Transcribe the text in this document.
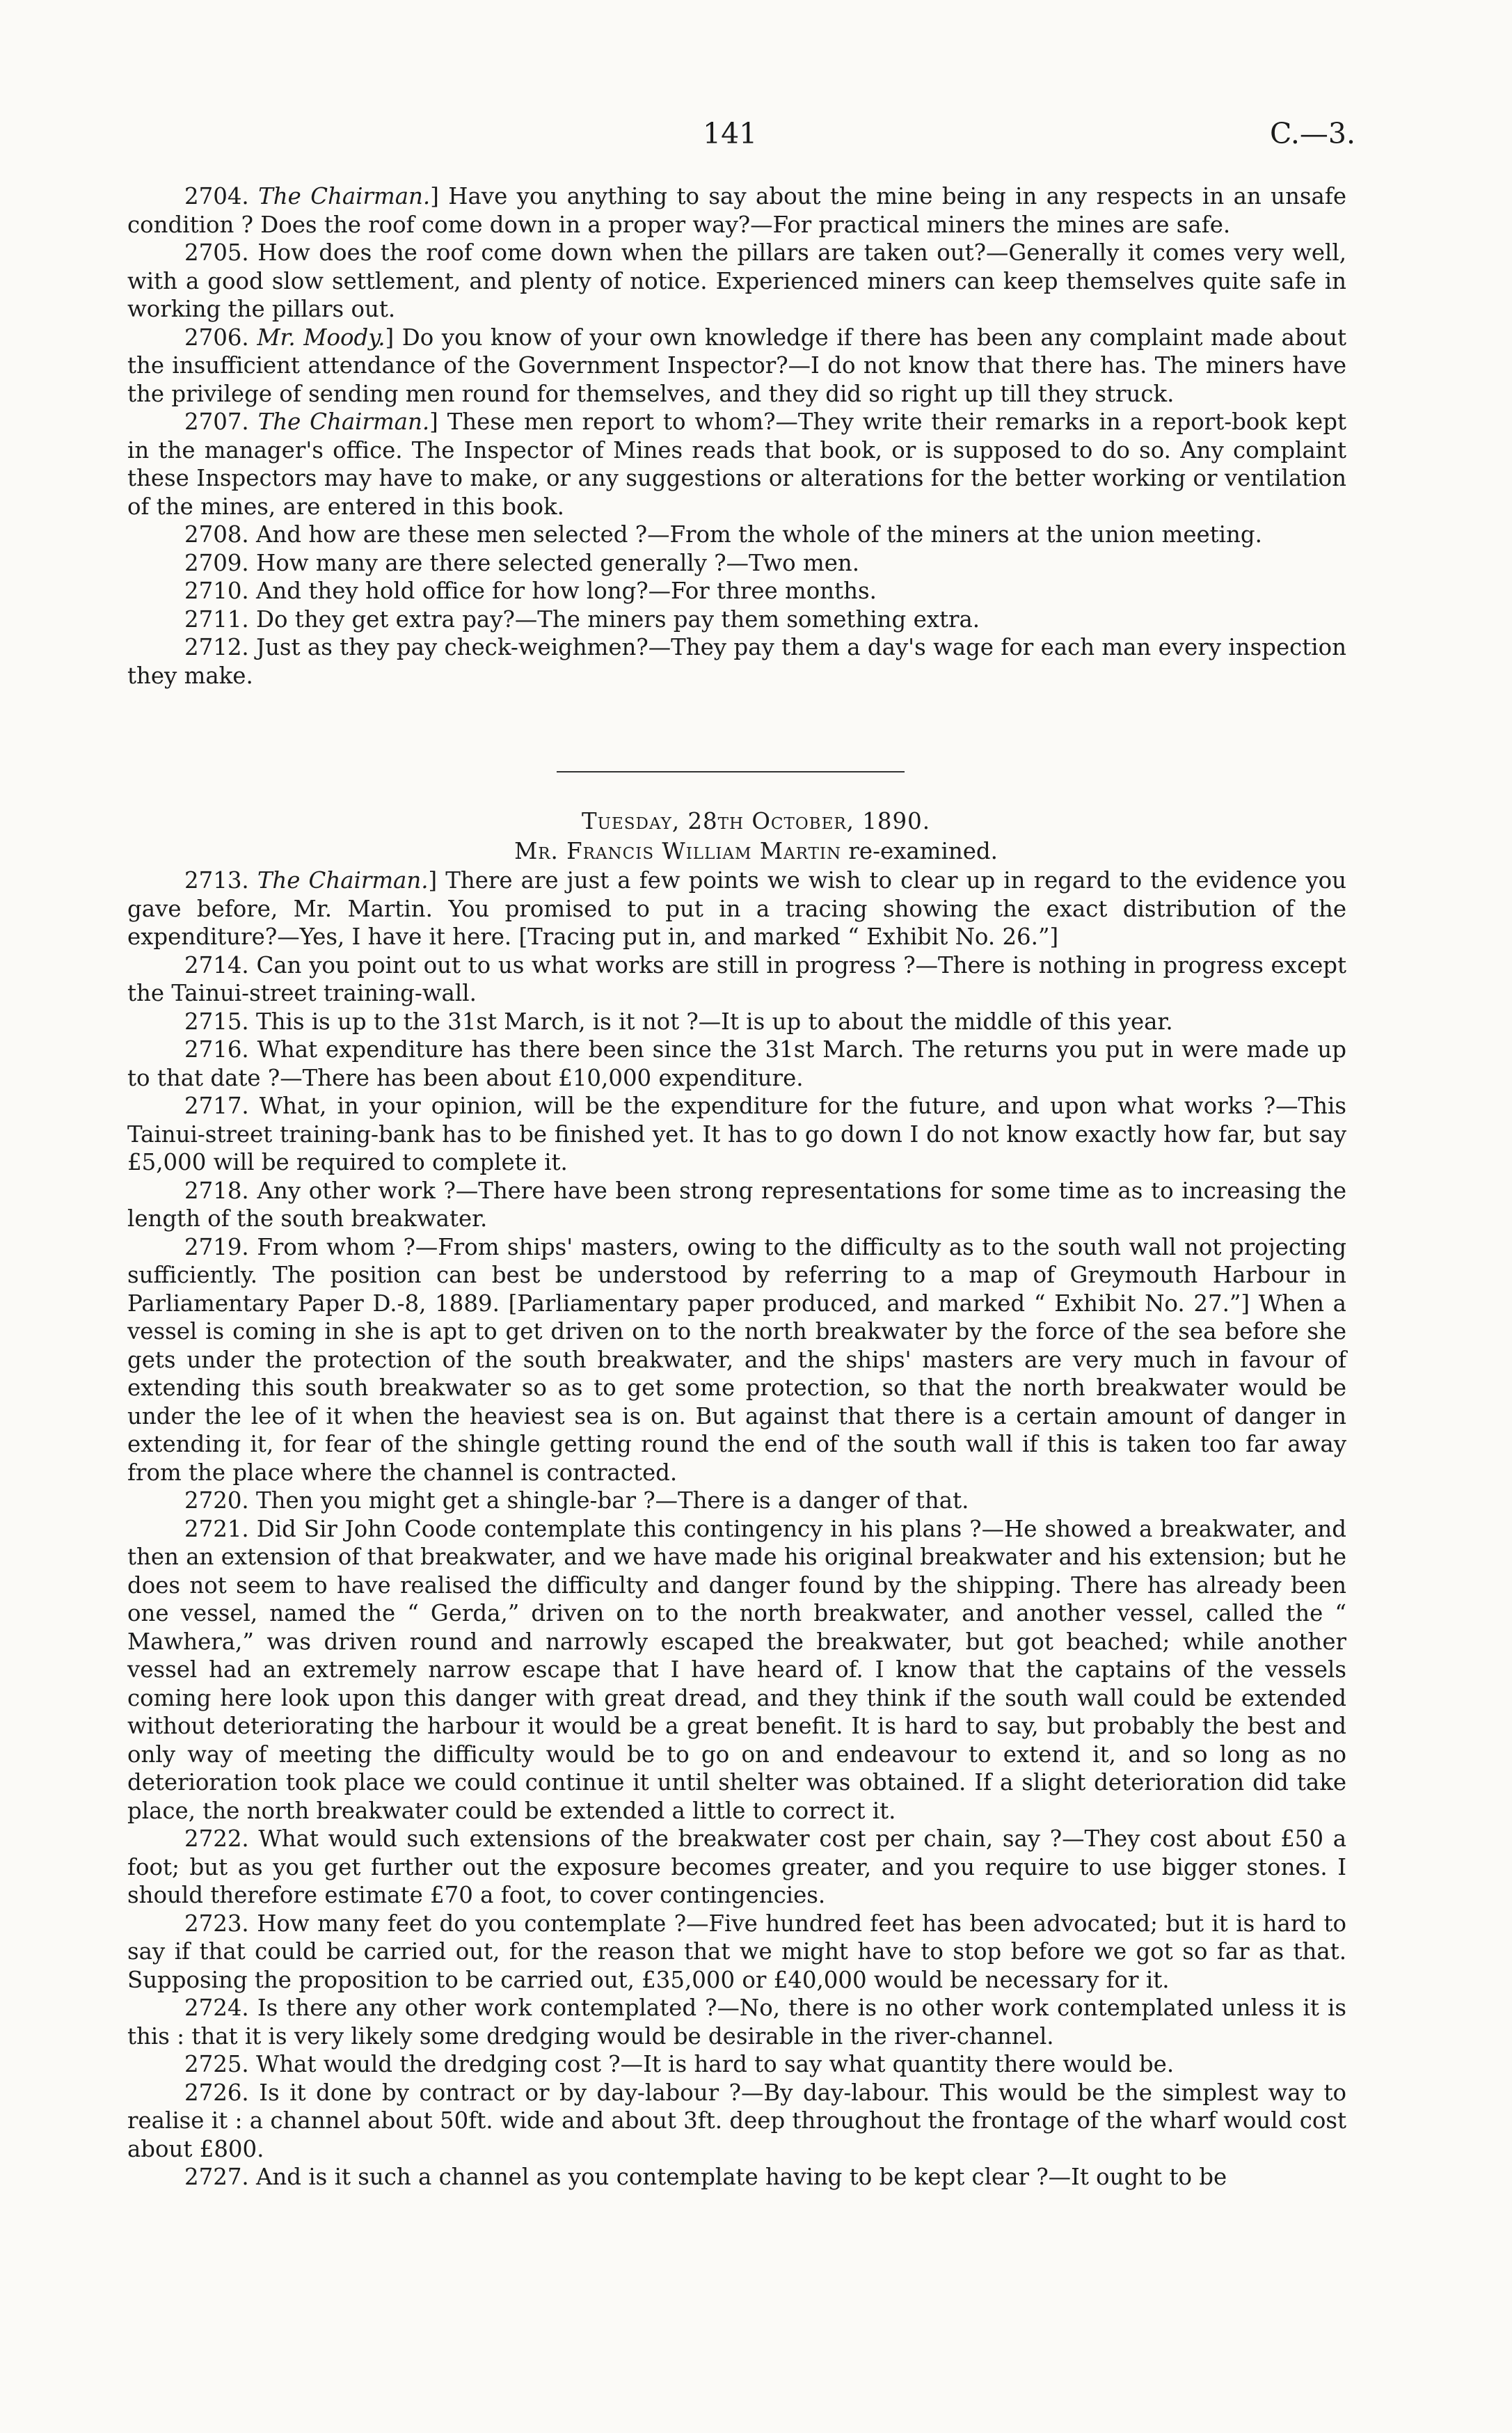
141	C.—3.

2704. The Chairman.] Have you anything to say about the mine being in any respects in an unsafe condition ? Does the roof come down in a proper way?—For practical miners the mines are safe.

2705. How does the roof come down when the pillars are taken out?—Generally it comes very well, with a good slow settlement, and plenty of notice. Experienced miners can keep themselves quite safe in working the pillars out.

2706. Mr. Moody.] Do you know of your own knowledge if there has been any complaint made about the insufficient attendance of the Government Inspector?—I do not know that there has. The miners have the privilege of sending men round for themselves, and they did so right up till they struck.

2707. The Chairman.] These men report to whom?—They write their remarks in a report-book kept in the manager's office. The Inspector of Mines reads that book, or is supposed to do so. Any complaint these Inspectors may have to make, or any suggestions or alterations for the better working or ventilation of the mines, are entered in this book.

2708. And how are these men selected ?—From the whole of the miners at the union meeting.

2709. How many are there selected generally ?—Two men.

2710. And they hold office for how long?—For three months.

2711. Do they get extra pay?—The miners pay them something extra.

2712. Just as they pay check-weighmen?—They pay them a day's wage for each man every inspection they make.

Tuesday, 28th October, 1890.
Mr. Francis William Martin re-examined.

2713. The Chairman.] There are just a few points we wish to clear up in regard to the evidence you gave before, Mr. Martin. You promised to put in a tracing showing the exact distribution of the expenditure?—Yes, I have it here. [Tracing put in, and marked “ Exhibit No. 26.”]

2714. Can you point out to us what works are still in progress ?—There is nothing in progress except the Tainui-street training-wall.

2715. This is up to the 31st March, is it not ?—It is up to about the middle of this year.

2716. What expenditure has there been since the 31st March. The returns you put in were made up to that date ?—There has been about £10,000 expenditure.

2717. What, in your opinion, will be the expenditure for the future, and upon what works ?—This Tainui-street training-bank has to be finished yet. It has to go down I do not know exactly how far, but say £5,000 will be required to complete it.

2718. Any other work ?—There have been strong representations for some time as to increasing the length of the south breakwater.

2719. From whom ?—From ships' masters, owing to the difficulty as to the south wall not projecting sufficiently. The position can best be understood by referring to a map of Greymouth Harbour in Parliamentary Paper D.-8, 1889. [Parliamentary paper produced, and marked “ Exhibit No. 27.”] When a vessel is coming in she is apt to get driven on to the north breakwater by the force of the sea before she gets under the protection of the south breakwater, and the ships' masters are very much in favour of extending this south breakwater so as to get some protection, so that the north breakwater would be under the lee of it when the heaviest sea is on. But against that there is a certain amount of danger in extending it, for fear of the shingle getting round the end of the south wall if this is taken too far away from the place where the channel is contracted.

2720. Then you might get a shingle-bar ?—There is a danger of that.

2721. Did Sir John Coode contemplate this contingency in his plans ?—He showed a breakwater, and then an extension of that breakwater, and we have made his original breakwater and his extension; but he does not seem to have realised the difficulty and danger found by the shipping. There has already been one vessel, named the “ Gerda,” driven on to the north breakwater, and another vessel, called the “ Mawhera,” was driven round and narrowly escaped the breakwater, but got beached; while another vessel had an extremely narrow escape that I have heard of. I know that the captains of the vessels coming here look upon this danger with great dread, and they think if the south wall could be extended without deteriorating the harbour it would be a great benefit. It is hard to say, but probably the best and only way of meeting the difficulty would be to go on and endeavour to extend it, and so long as no deterioration took place we could continue it until shelter was obtained. If a slight deterioration did take place, the north breakwater could be extended a little to correct it.

2722. What would such extensions of the breakwater cost per chain, say ?—They cost about £50 a foot; but as you get further out the exposure becomes greater, and you require to use bigger stones. I should therefore estimate £70 a foot, to cover contingencies.

2723. How many feet do you contemplate ?—Five hundred feet has been advocated; but it is hard to say if that could be carried out, for the reason that we might have to stop before we got so far as that. Supposing the proposition to be carried out, £35,000 or £40,000 would be necessary for it.

2724. Is there any other work contemplated ?—No, there is no other work contemplated unless it is this : that it is very likely some dredging would be desirable in the river-channel.

2725. What would the dredging cost ?—It is hard to say what quantity there would be.

2726. Is it done by contract or by day-labour ?—By day-labour. This would be the simplest way to realise it : a channel about 50ft. wide and about 3ft. deep throughout the frontage of the wharf would cost about £800.

2727. And is it such a channel as you contemplate having to be kept clear ?—It ought to be
